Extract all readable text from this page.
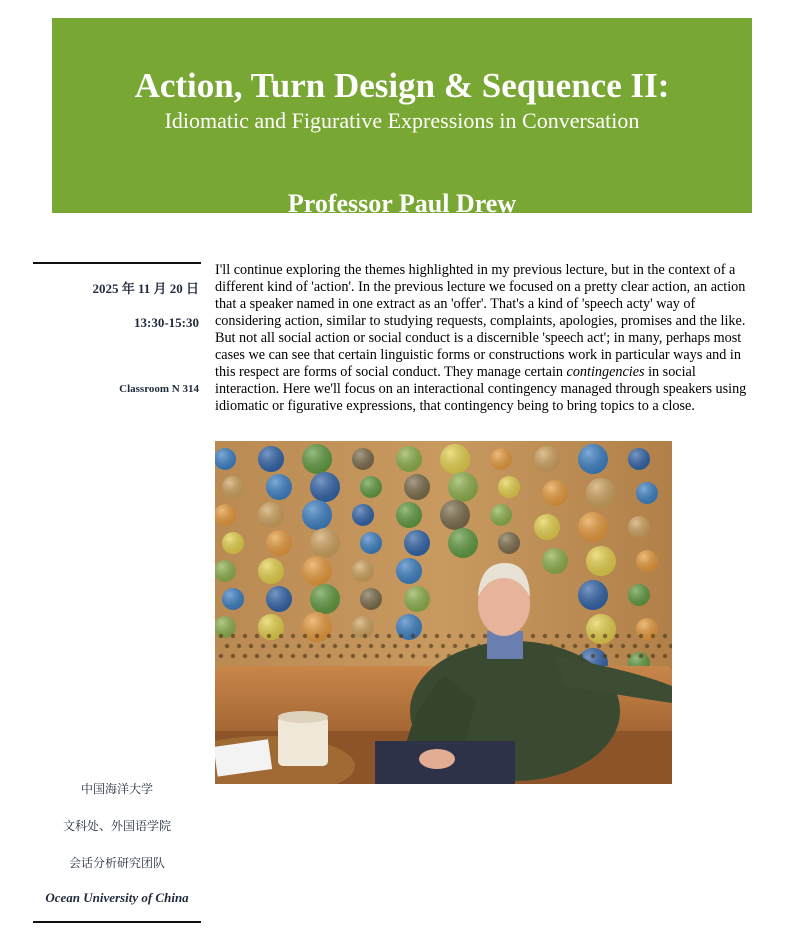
Action, Turn Design & Sequence II:
Idiomatic and Figurative Expressions in Conversation
Professor Paul Drew
2025 年 11 月 20 日
13:30-15:30
Classroom N 314

I'll continue exploring the themes highlighted in my previous lecture, but in the context of a different kind of 'action'. In the previous lecture we focused on a pretty clear action, an action that a speaker named in one extract as an 'offer'. That's a kind of 'speech acty' way of considering action, similar to studying requests, complaints, apologies, promises and the like. But not all social action or social conduct is a discernible 'speech act'; in many, perhaps most cases we can see that certain linguistic forms or constructions work in particular ways and in this respect are forms of social conduct. They manage certain contingencies in social interaction. Here we'll focus on an interactional contingency managed through speakers using idiomatic or figurative expressions, that contingency being to bring topics to a close.

中国海洋大学
文科处、外国语学院
会话分析研究团队
Ocean University of China
